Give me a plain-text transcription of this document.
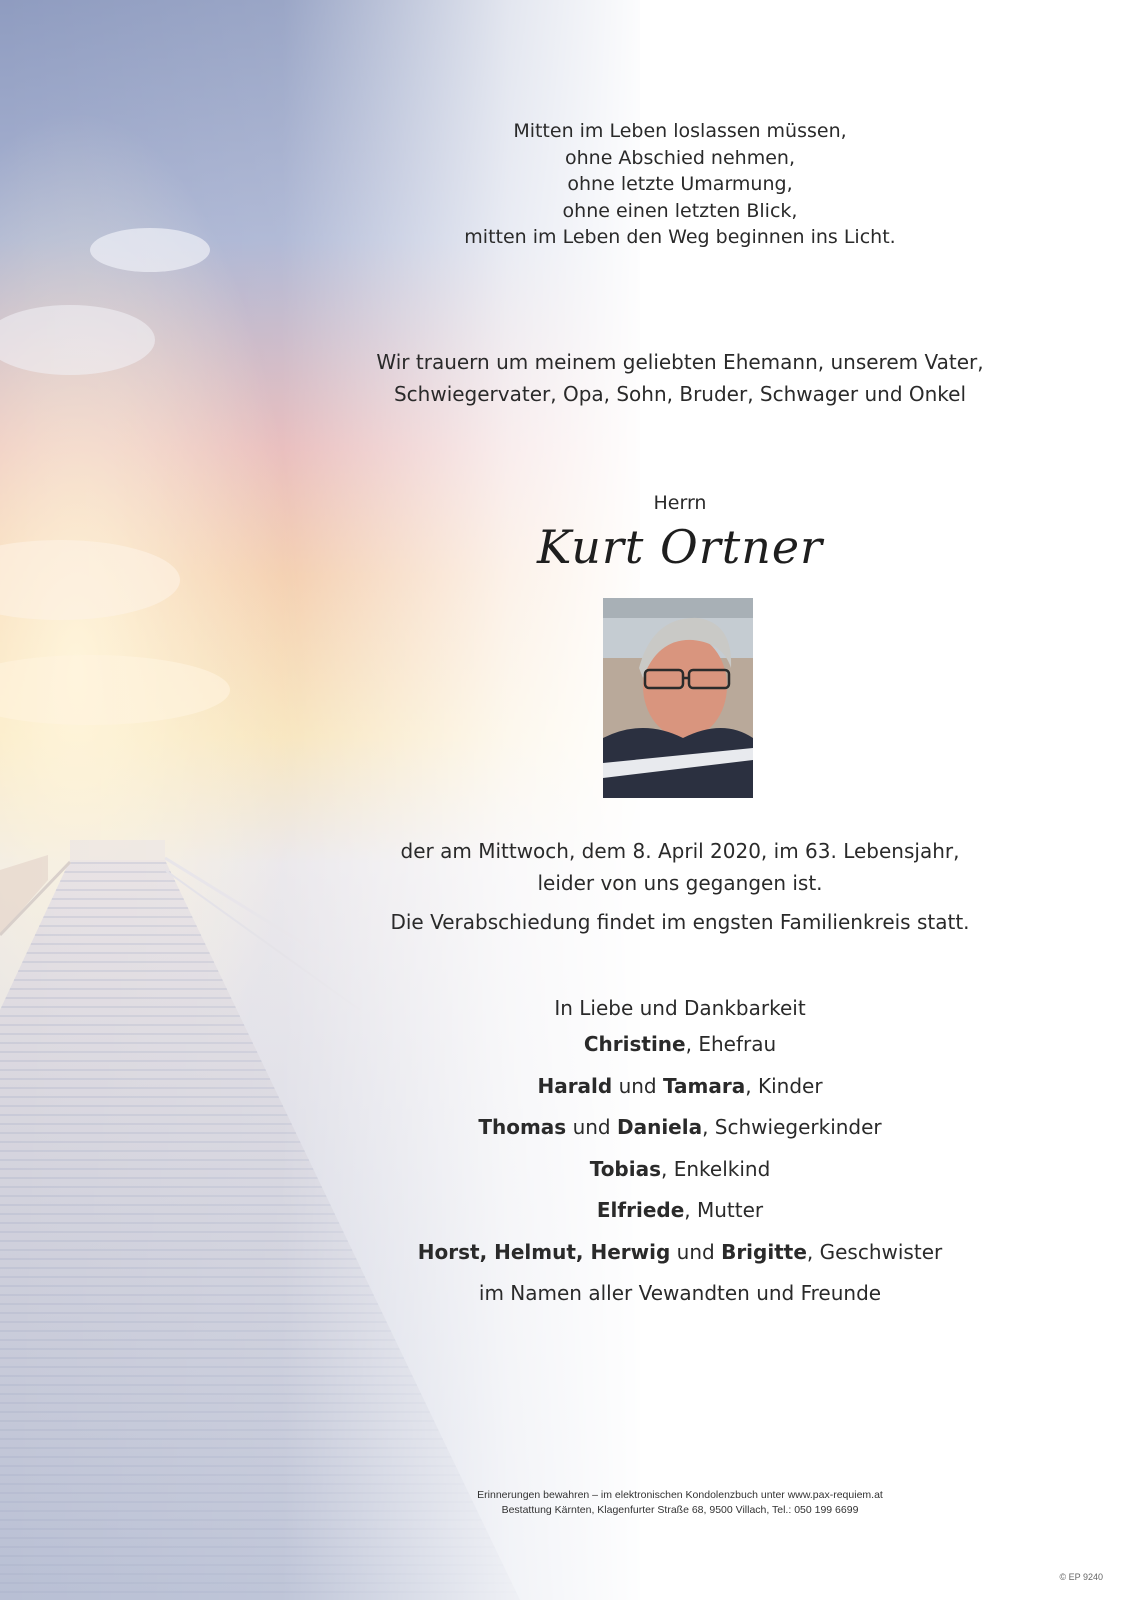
Mitten im Leben loslassen müssen,
ohne Abschied nehmen,
ohne letzte Umarmung,
ohne einen letzten Blick,
mitten im Leben den Weg beginnen ins Licht.
Wir trauern um meinem geliebten Ehemann, unserem Vater,
Schwiegervater, Opa, Sohn, Bruder, Schwager und Onkel
Herrn
Kurt Ortner
der am Mittwoch, dem 8. April 2020, im 63. Lebensjahr,
leider von uns gegangen ist.
Die Verabschiedung findet im engsten Familienkreis statt.
In Liebe und Dankbarkeit
Christine, Ehefrau
Harald und Tamara, Kinder
Thomas und Daniela, Schwiegerkinder
Tobias, Enkelkind
Elfriede, Mutter
Horst, Helmut, Herwig und Brigitte, Geschwister
im Namen aller Vewandten und Freunde
Erinnerungen bewahren – im elektronischen Kondolenzbuch unter www.pax-requiem.at
Bestattung Kärnten, Klagenfurter Straße 68, 9500 Villach, Tel.: 050 199 6699
© EP 9240
